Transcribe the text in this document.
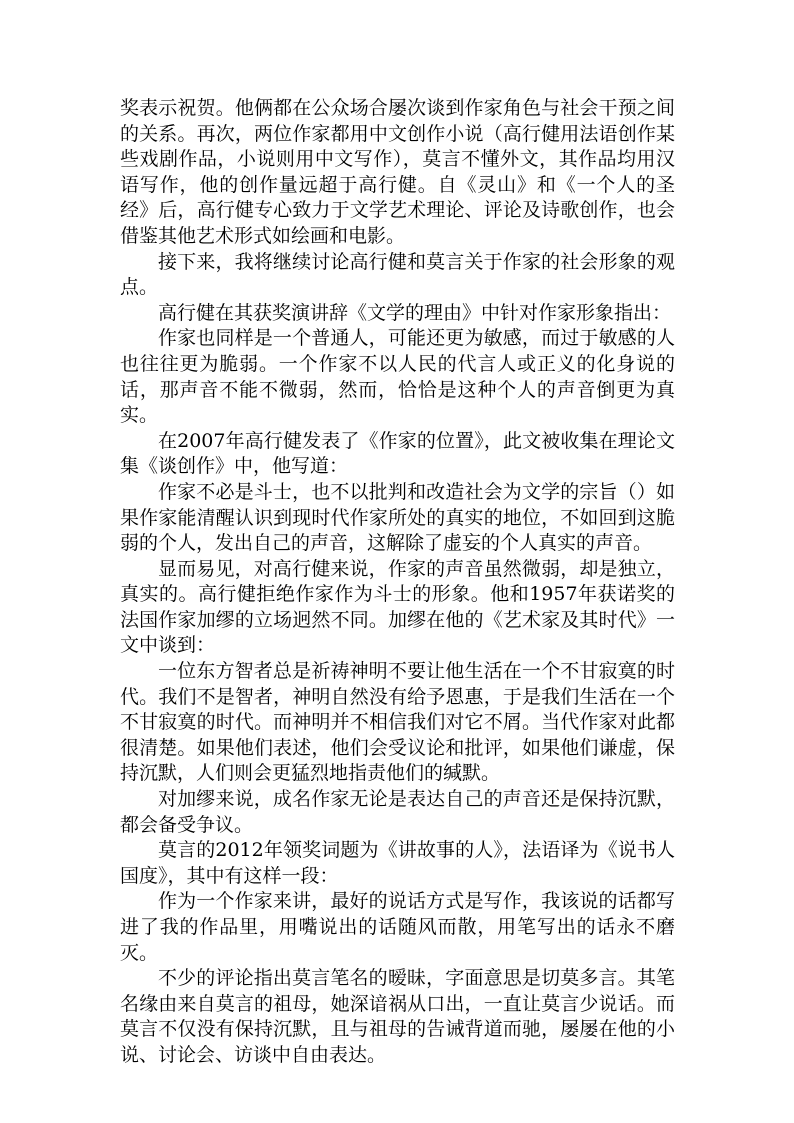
奖表示祝贺。他俩都在公众场合屡次谈到作家角色与社会干预之间的关系。再次，两位作家都用中文创作小说（高行健用法语创作某些戏剧作品，小说则用中文写作），莫言不懂外文，其作品均用汉语写作，他的创作量远超于高行健。自《灵山》和《一个人的圣经》后，高行健专心致力于文学艺术理论、评论及诗歌创作，也会借鉴其他艺术形式如绘画和电影。

接下来，我将继续讨论高行健和莫言关于作家的社会形象的观点。

高行健在其获奖演讲辞《文学的理由》中针对作家形象指出：

作家也同样是一个普通人，可能还更为敏感，而过于敏感的人也往往更为脆弱。一个作家不以人民的代言人或正义的化身说的话，那声音不能不微弱，然而，恰恰是这种个人的声音倒更为真实。

在2007年高行健发表了《作家的位置》，此文被收集在理论文集《谈创作》中，他写道：

作家不必是斗士，也不以批判和改造社会为文学的宗旨（）如果作家能清醒认识到现时代作家所处的真实的地位，不如回到这脆弱的个人，发出自己的声音，这解除了虚妄的个人真实的声音。

显而易见，对高行健来说，作家的声音虽然微弱，却是独立，真实的。高行健拒绝作家作为斗士的形象。他和1957年获诺奖的法国作家加缪的立场迥然不同。加缪在他的《艺术家及其时代》一文中谈到：

一位东方智者总是祈祷神明不要让他生活在一个不甘寂寞的时代。我们不是智者，神明自然没有给予恩惠，于是我们生活在一个不甘寂寞的时代。而神明并不相信我们对它不屑。当代作家对此都很清楚。如果他们表述，他们会受议论和批评，如果他们谦虚，保持沉默，人们则会更猛烈地指责他们的缄默。

对加缪来说，成名作家无论是表达自己的声音还是保持沉默，都会备受争议。

莫言的2012年领奖词题为《讲故事的人》，法语译为《说书人国度》，其中有这样一段：

作为一个作家来讲，最好的说话方式是写作，我该说的话都写进了我的作品里，用嘴说出的话随风而散，用笔写出的话永不磨灭。

不少的评论指出莫言笔名的暧昧，字面意思是切莫多言。其笔名缘由来自莫言的祖母，她深谙祸从口出，一直让莫言少说话。而莫言不仅没有保持沉默，且与祖母的告诫背道而驰，屡屡在他的小说、讨论会、访谈中自由表达。
